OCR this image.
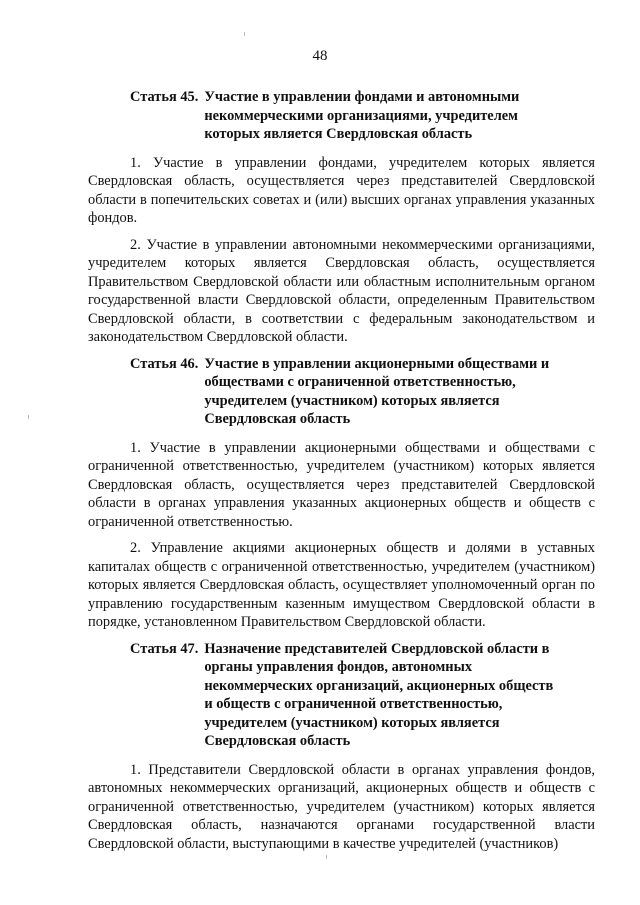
48
Статья 45. Участие в управлении фондами и автономными некоммерческими организациями, учредителем которых является Свердловская область

1. Участие в управлении фондами, учредителем которых является Свердловская область, осуществляется через представителей Свердловской области в попечительских советах и (или) высших органах управления указанных фондов.

2. Участие в управлении автономными некоммерческими организациями, учредителем которых является Свердловская область, осуществляется Правительством Свердловской области или областным исполнительным органом государственной власти Свердловской области, определенным Правительством Свердловской области, в соответствии с федеральным законодательством и законодательством Свердловской области.

Статья 46. Участие в управлении акционерными обществами и обществами с ограниченной ответственностью, учредителем (участником) которых является Свердловская область

1. Участие в управлении акционерными обществами и обществами с ограниченной ответственностью, учредителем (участником) которых является Свердловская область, осуществляется через представителей Свердловской области в органах управления указанных акционерных обществ и обществ с ограниченной ответственностью.

2. Управление акциями акционерных обществ и долями в уставных капиталах обществ с ограниченной ответственностью, учредителем (участником) которых является Свердловская область, осуществляет уполномоченный орган по управлению государственным казенным имуществом Свердловской области в порядке, установленном Правительством Свердловской области.

Статья 47. Назначение представителей Свердловской области в органы управления фондов, автономных некоммерческих организаций, акционерных обществ и обществ с ограниченной ответственностью, учредителем (участником) которых является Свердловская область

1. Представители Свердловской области в органах управления фондов, автономных некоммерческих организаций, акционерных обществ и обществ с ограниченной ответственностью, учредителем (участником) которых является Свердловская область, назначаются органами государственной власти Свердловской области, выступающими в качестве учредителей (участников)
